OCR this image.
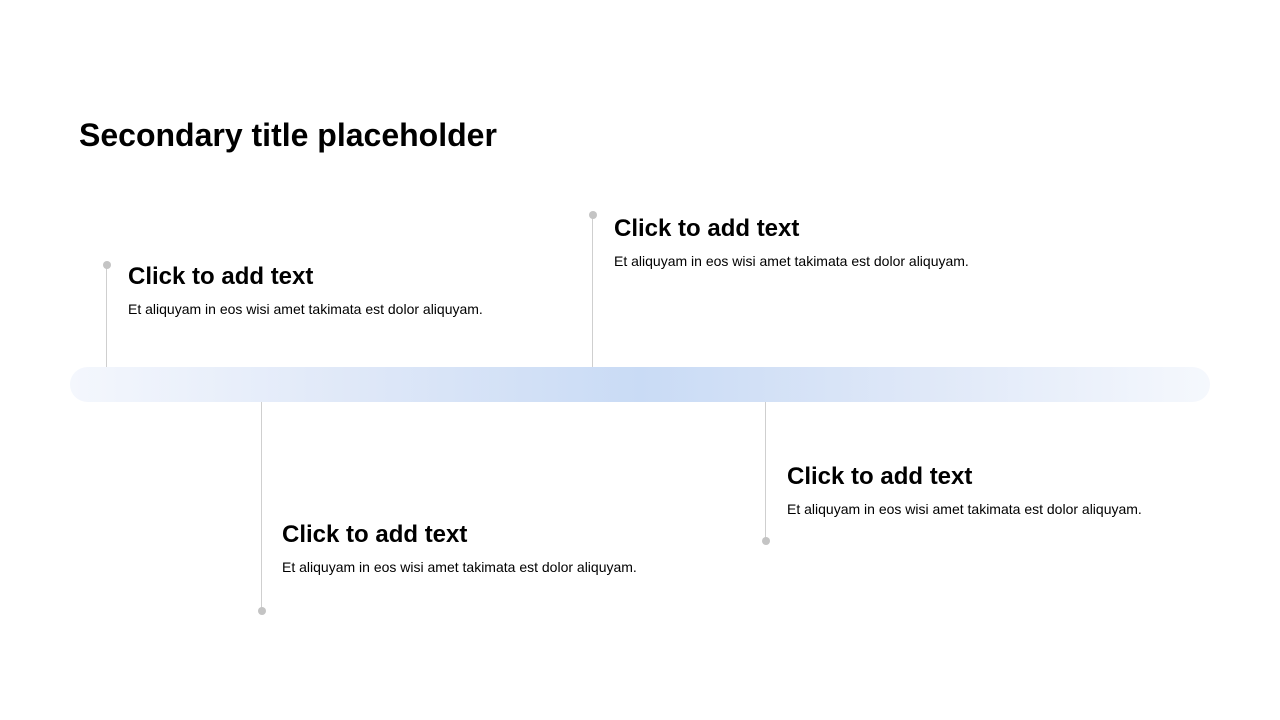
Secondary title placeholder
Click to add text

Et aliquyam in eos wisi amet takimata est dolor aliquyam.

Click to add text

Et aliquyam in eos wisi amet takimata est dolor aliquyam.

Click to add text

Et aliquyam in eos wisi amet takimata est dolor aliquyam.

Click to add text

Et aliquyam in eos wisi amet takimata est dolor aliquyam.
